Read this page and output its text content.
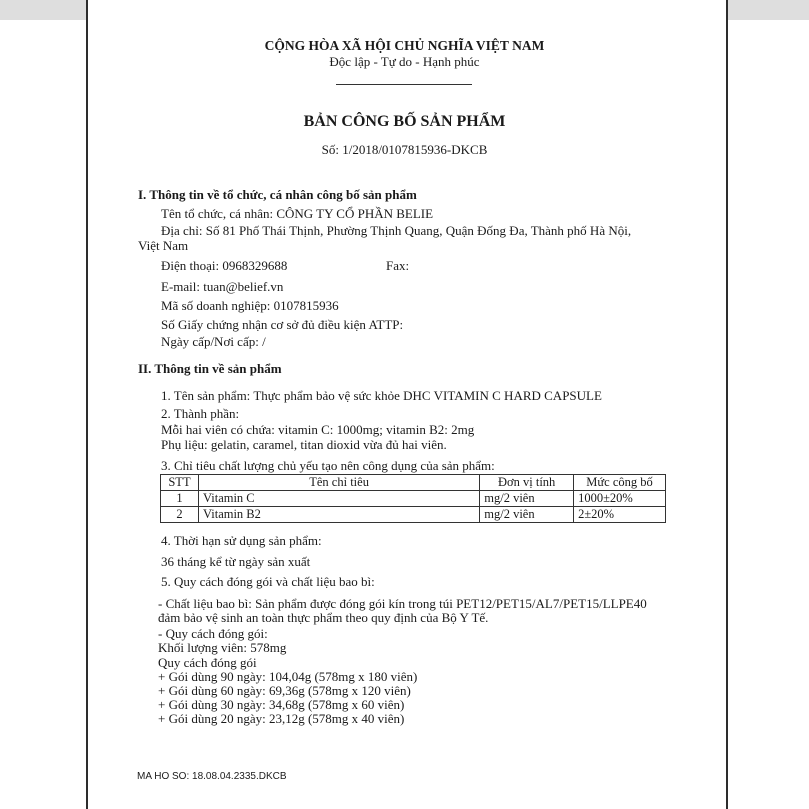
CỘNG HÒA XÃ HỘI CHỦ NGHĨA VIỆT NAM
Độc lập - Tự do - Hạnh phúc
BẢN CÔNG BỐ SẢN PHẨM
Số: 1/2018/0107815936-DKCB
I. Thông tin về tổ chức, cá nhân công bố sản phẩm
Tên tổ chức, cá nhân: CÔNG TY CỔ PHẦN BELIE
Địa chỉ: Số 81 Phố Thái Thịnh, Phường Thịnh Quang, Quận Đống Đa, Thành phố Hà Nội,
Việt Nam
Điện thoại: 0968329688	Fax:
E-mail: tuan@belief.vn
Mã số doanh nghiệp: 0107815936
Số Giấy chứng nhận cơ sở đủ điều kiện ATTP:
Ngày cấp/Nơi cấp: /
II. Thông tin về sản phẩm
1. Tên sản phẩm: Thực phẩm bảo vệ sức khỏe DHC VITAMIN C HARD CAPSULE
2. Thành phần:
Mỗi hai viên có chứa: vitamin C: 1000mg; vitamin B2: 2mg
Phụ liệu: gelatin, caramel, titan dioxid vừa đủ hai viên.
3. Chỉ tiêu chất lượng chủ yếu tạo nên công dụng của sản phẩm:
STT	Tên chỉ tiêu	Đơn vị tính	Mức công bố
1	Vitamin C	mg/2 viên	1000±20%
2	Vitamin B2	mg/2 viên	2±20%
4. Thời hạn sử dụng sản phẩm:
36 tháng kể từ ngày sản xuất
5. Quy cách đóng gói và chất liệu bao bì:
- Chất liệu bao bì: Sản phẩm được đóng gói kín trong túi PET12/PET15/AL7/PET15/LLPE40
đảm bảo vệ sinh an toàn thực phẩm theo quy định của Bộ Y Tế.
- Quy cách đóng gói:
Khối lượng viên: 578mg
Quy cách đóng gói
+ Gói dùng 90 ngày: 104,04g (578mg x 180 viên)
+ Gói dùng 60 ngày: 69,36g (578mg x 120 viên)
+ Gói dùng 30 ngày: 34,68g (578mg x 60 viên)
+ Gói dùng 20 ngày: 23,12g (578mg x 40 viên)
MA HO SO: 18.08.04.2335.DKCB
